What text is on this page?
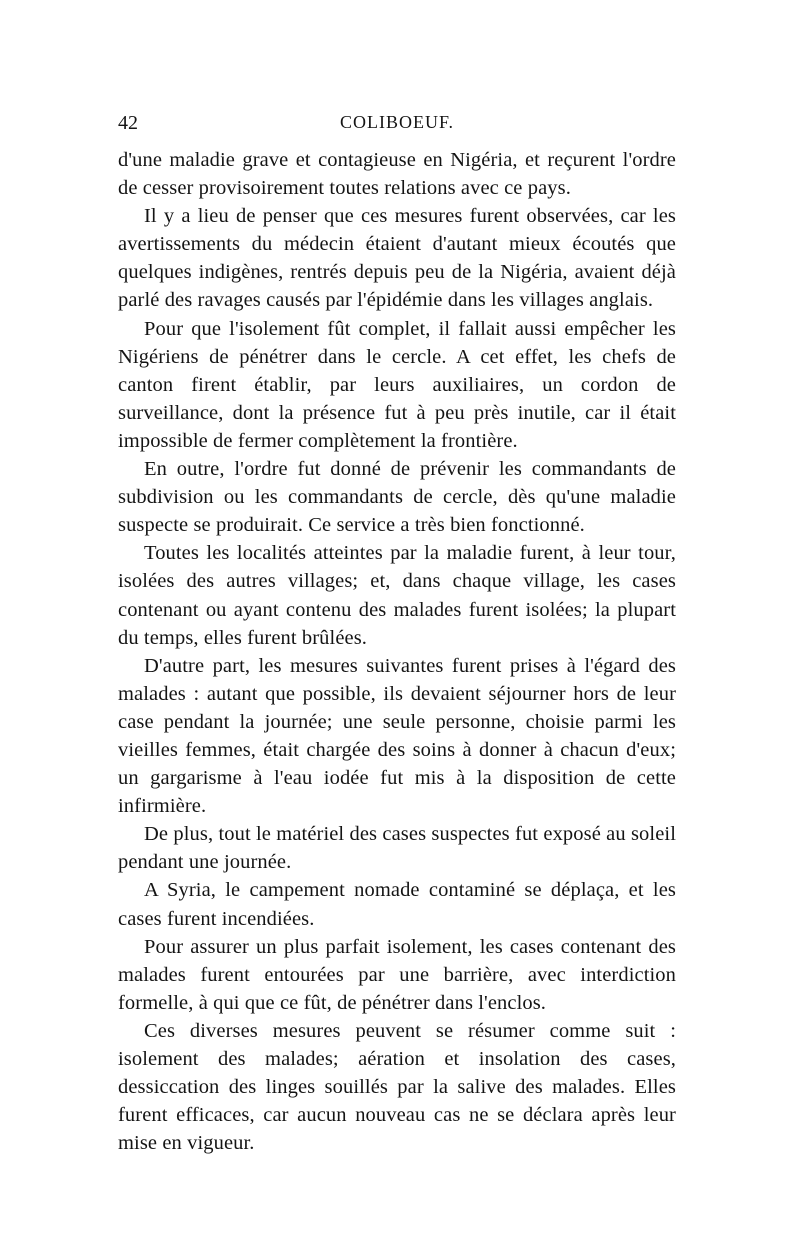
42	COLIBOEUF.

d'une maladie grave et contagieuse en Nigéria, et reçurent l'ordre de cesser provisoirement toutes relations avec ce pays.

Il y a lieu de penser que ces mesures furent observées, car les avertissements du médecin étaient d'autant mieux écoutés que quelques indigènes, rentrés depuis peu de la Nigéria, avaient déjà parlé des ravages causés par l'épidémie dans les villages anglais.

Pour que l'isolement fût complet, il fallait aussi empêcher les Nigériens de pénétrer dans le cercle. A cet effet, les chefs de canton firent établir, par leurs auxiliaires, un cordon de surveillance, dont la présence fut à peu près inutile, car il était impossible de fermer complètement la frontière.

En outre, l'ordre fut donné de prévenir les commandants de subdivision ou les commandants de cercle, dès qu'une maladie suspecte se produirait. Ce service a très bien fonctionné.

Toutes les localités atteintes par la maladie furent, à leur tour, isolées des autres villages; et, dans chaque village, les cases contenant ou ayant contenu des malades furent isolées; la plupart du temps, elles furent brûlées.

D'autre part, les mesures suivantes furent prises à l'égard des malades : autant que possible, ils devaient séjourner hors de leur case pendant la journée; une seule personne, choisie parmi les vieilles femmes, était chargée des soins à donner à chacun d'eux; un gargarisme à l'eau iodée fut mis à la disposition de cette infirmière.

De plus, tout le matériel des cases suspectes fut exposé au soleil pendant une journée.

A Syria, le campement nomade contaminé se déplaça, et les cases furent incendiées.

Pour assurer un plus parfait isolement, les cases contenant des malades furent entourées par une barrière, avec interdiction formelle, à qui que ce fût, de pénétrer dans l'enclos.

Ces diverses mesures peuvent se résumer comme suit : isolement des malades; aération et insolation des cases, dessiccation des linges souillés par la salive des malades. Elles furent efficaces, car aucun nouveau cas ne se déclara après leur mise en vigueur.
